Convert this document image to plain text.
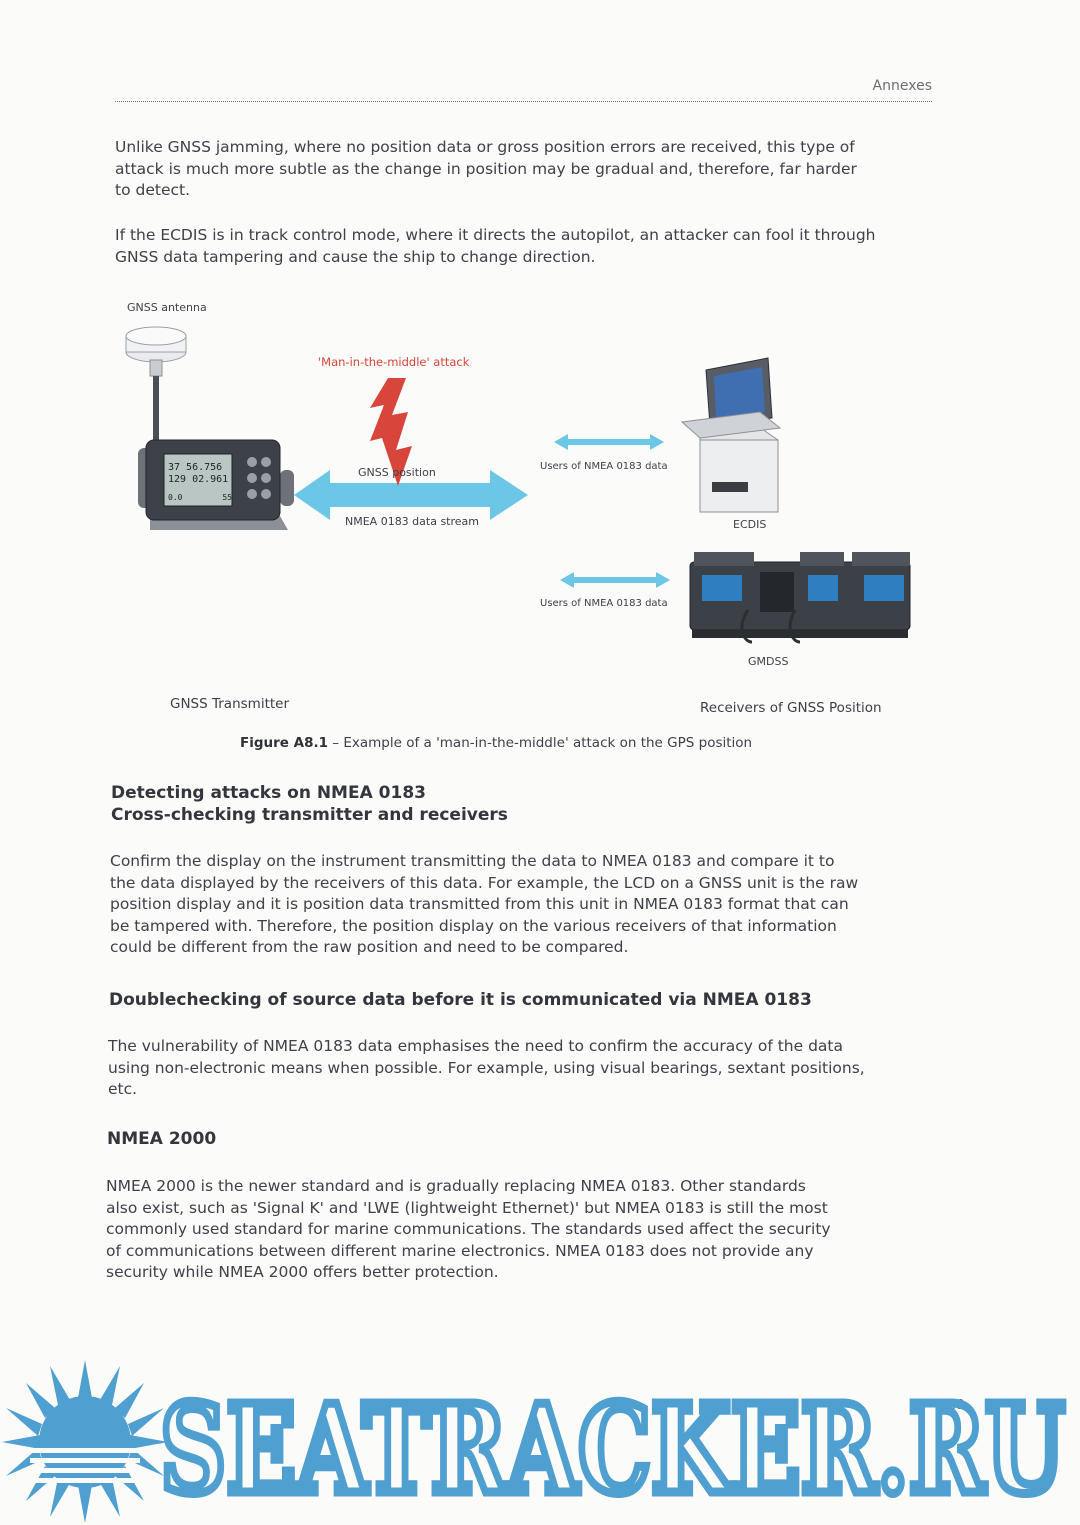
Annexes
Unlike GNSS jamming, where no position data or gross position errors are received, this type of
attack is much more subtle as the change in position may be gradual and, therefore, far harder
to detect.
If the ECDIS is in track control mode, where it directs the autopilot, an attacker can fool it through
GNSS data tampering and cause the ship to change direction.
37 56.756
129 02.961
0.0	55
GNSS antenna
'Man-in-the-middle' attack
GNSS position
NMEA 0183 data stream
Users of NMEA 0183 data
Users of NMEA 0183 data
ECDIS
GMDSS
GNSS Transmitter	Receivers of GNSS Position
Figure A8.1 – Example of a 'man-in-the-middle' attack on the GPS position
Detecting attacks on NMEA 0183
Cross-checking transmitter and receivers
Confirm the display on the instrument transmitting the data to NMEA 0183 and compare it to
the data displayed by the receivers of this data. For example, the LCD on a GNSS unit is the raw
position display and it is position data transmitted from this unit in NMEA 0183 format that can
be tampered with. Therefore, the position display on the various receivers of that information
could be different from the raw position and need to be compared.
Doublechecking of source data before it is communicated via NMEA 0183
The vulnerability of NMEA 0183 data emphasises the need to confirm the accuracy of the data
using non-electronic means when possible. For example, using visual bearings, sextant positions,
etc.
NMEA 2000
NMEA 2000 is the newer standard and is gradually replacing NMEA 0183. Other standards
also exist, such as 'Signal K' and 'LWE (lightweight Ethernet)' but NMEA 0183 is still the most
commonly used standard for marine communications. The standards used affect the security
of communications between different marine electronics. NMEA 0183 does not provide any
security while NMEA 2000 offers better protection.
149
SEATRACKER.RU
